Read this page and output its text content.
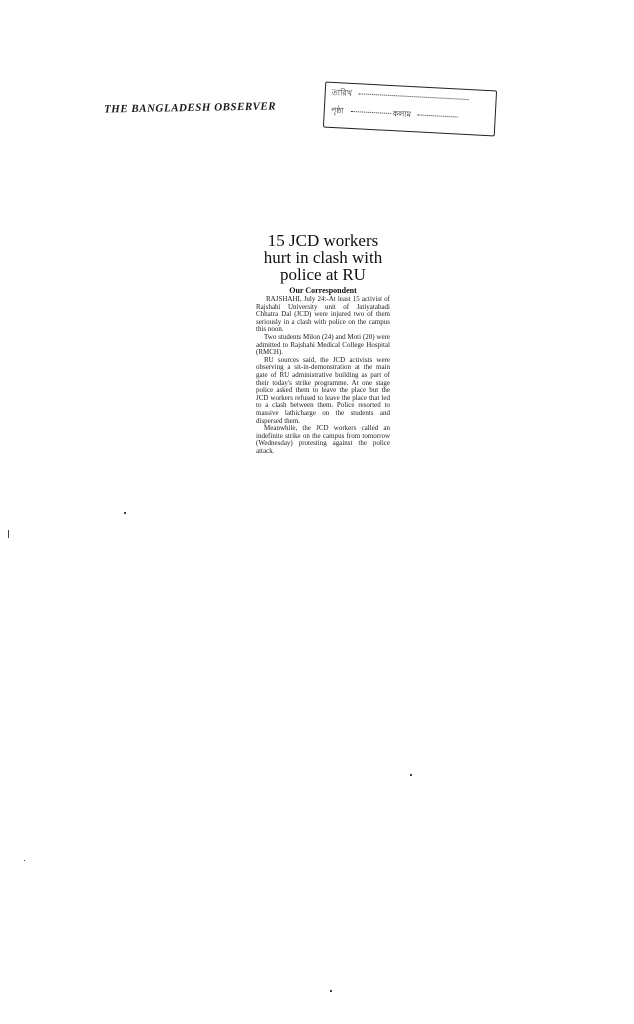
THE BANGLADESH OBSERVER
তারিখ
পৃষ্ঠা	কলাম
15 JCD workers hurt in clash with police at RU
Our Correspondent

RAJSHAHI, July 24:-At least 15 activist of Rajshahi University unit of Jatiyatabadi Chhatra Dal (JCD) were injured two of them seriously in a clash with police on the campus this noon.

Two students Milon (24) and Moti (20) were admitted to Rajshahi Medical College Hospital (RMCH).

RU sources said, the JCD activists were observing a sit-in-demonstration at the main gate of RU administrative building as part of their today's strike programme. At one stage police asked them to leave the place but the JCD workers refused to leave the place that led to a clash between them. Police resorted to massive lathicharge on the students and dispersed them.

Meanwhile, the JCD workers called an indefinite strike on the campus from tomorrow (Wednesday) protesting against the police attack.
